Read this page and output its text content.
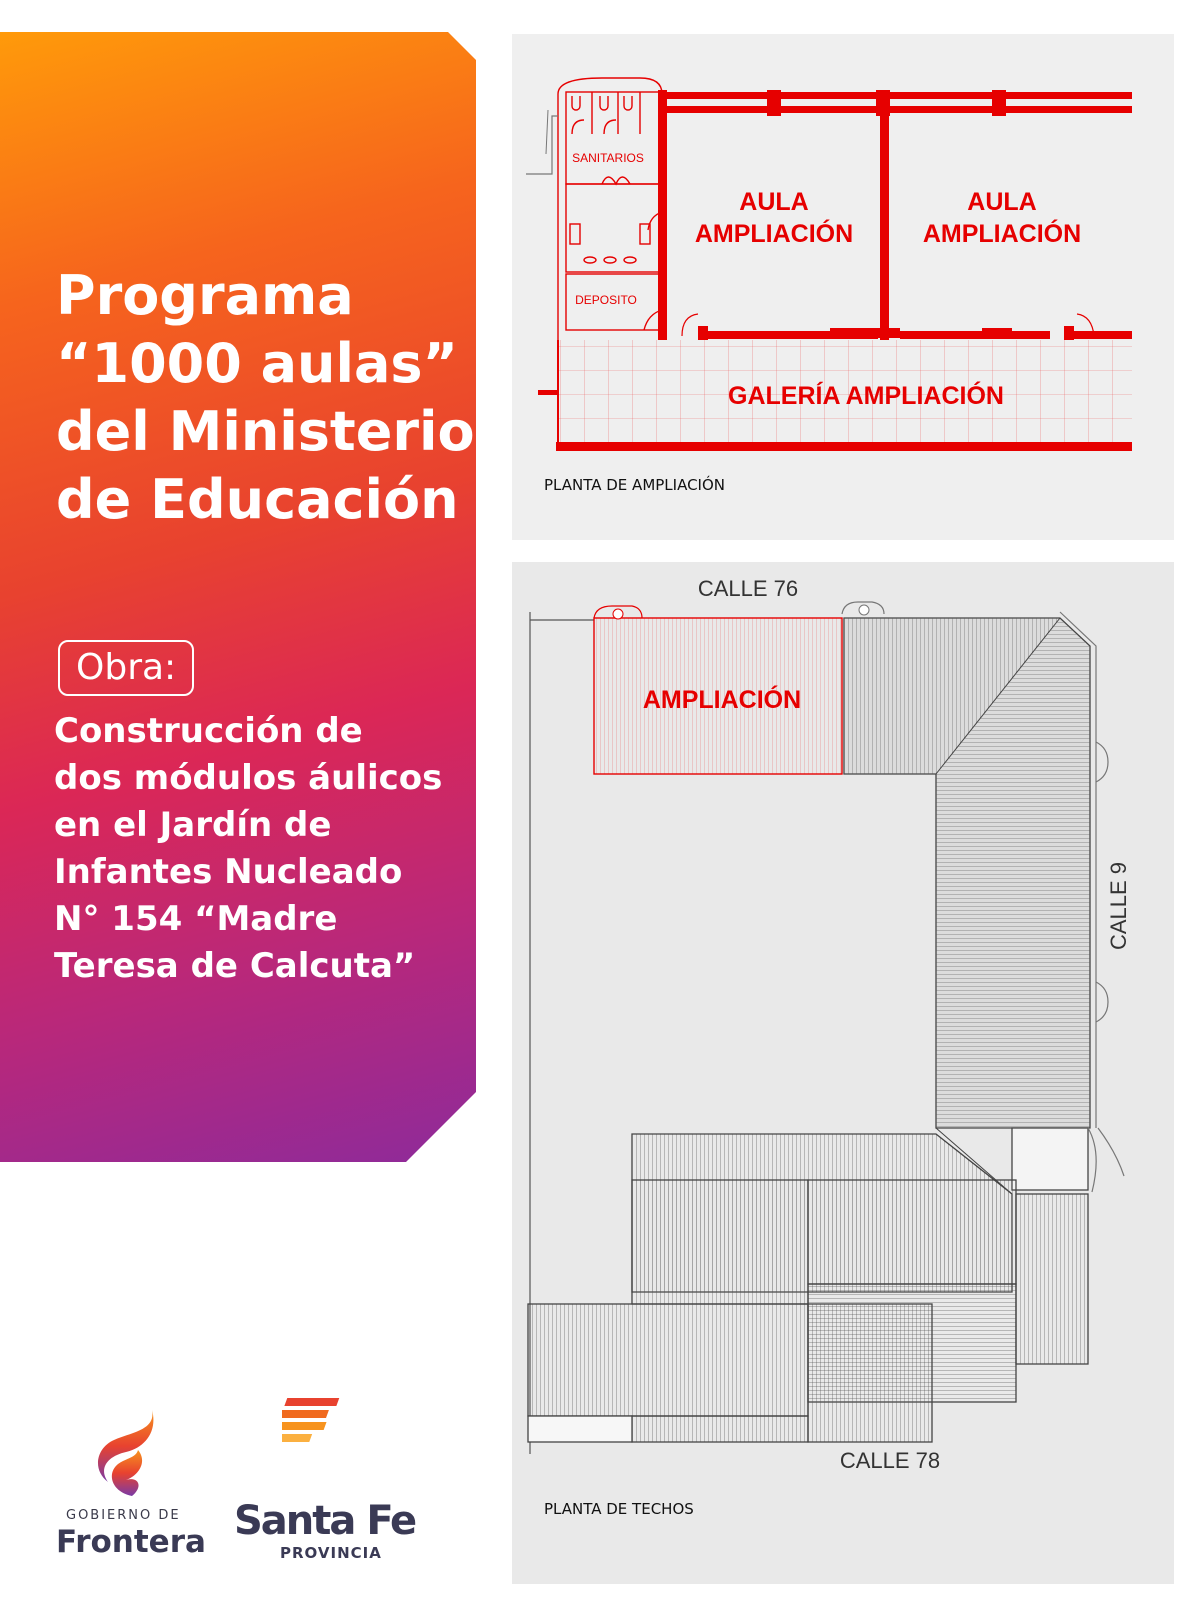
Programa
“1000 aulas”
del Ministerio
de Educación
Obra:
Construcción de
dos módulos áulicos
en el Jardín de
Infantes Nucleado
N° 154 “Madre
Teresa de Calcuta”
SANITARIOS
DEPOSITO
AULA
AMPLIACIÓN
AULA
AMPLIACIÓN
GALERÍA AMPLIACIÓN
PLANTA DE AMPLIACIÓN
AMPLIACIÓN
CALLE 76
CALLE 9
CALLE 78
PLANTA DE TECHOS
GOBIERNO DE
Frontera Santa Fe
PROVINCIA
